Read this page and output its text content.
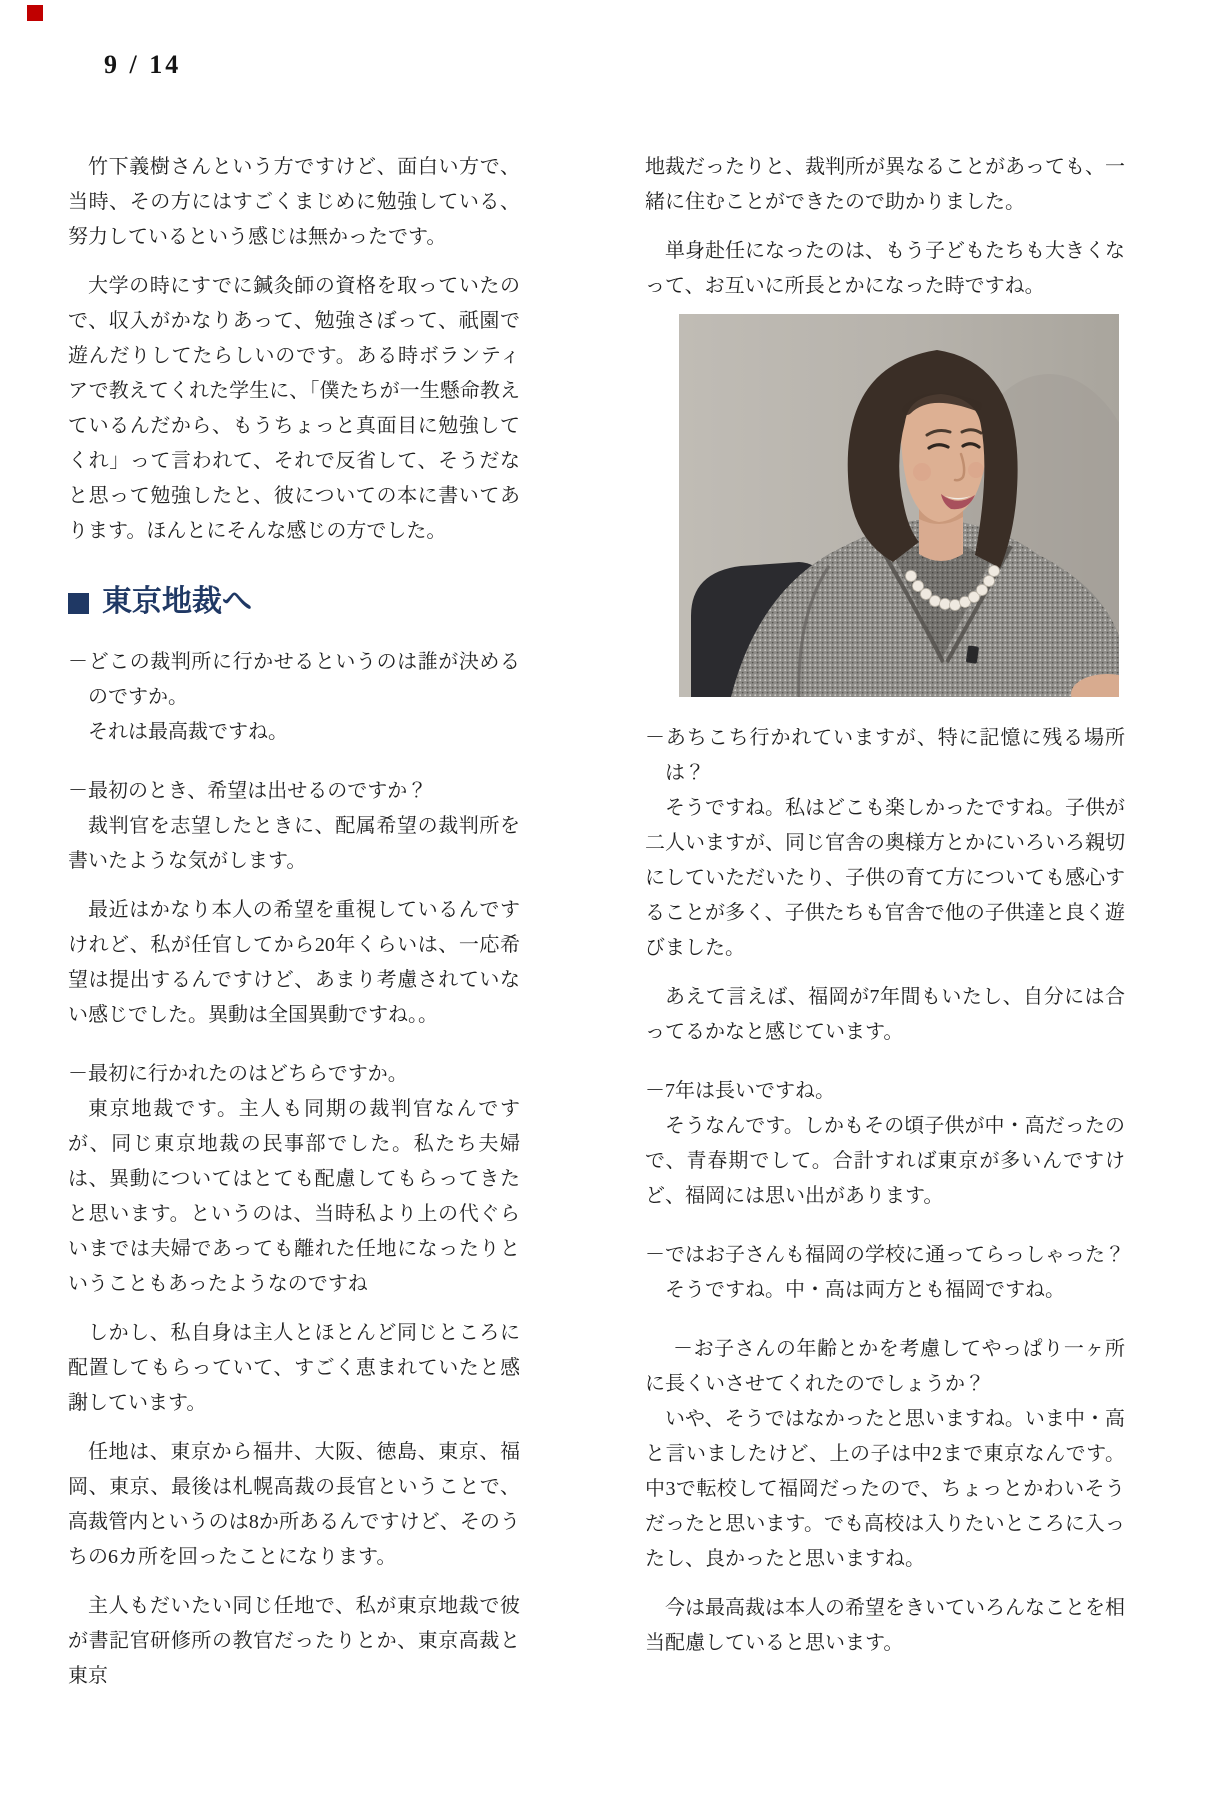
9 / 14

竹下義樹さんという方ですけど、面白い方で、当時、その方にはすごくまじめに勉強している、努力しているという感じは無かったです。

大学の時にすでに鍼灸師の資格を取っていたので、収入がかなりあって、勉強さぼって、祇園で遊んだりしてたらしいのです。ある時ボランティアで教えてくれた学生に、「僕たちが一生懸命教えているんだから、もうちょっと真面目に勉強してくれ」って言われて、それで反省して、そうだなと思って勉強したと、彼についての本に書いてあります。ほんとにそんな感じの方でした。

東京地裁へ

－どこの裁判所に行かせるというのは誰が決めるのですか。

それは最高裁ですね。

－最初のとき、希望は出せるのですか？

裁判官を志望したときに、配属希望の裁判所を書いたような気がします。

最近はかなり本人の希望を重視しているんですけれど、私が任官してから20年くらいは、一応希望は提出するんですけど、あまり考慮されていない感じでした。異動は全国異動ですね。。

－最初に行かれたのはどちらですか。

東京地裁です。主人も同期の裁判官なんですが、同じ東京地裁の民事部でした。私たち夫婦は、異動についてはとても配慮してもらってきたと思います。というのは、当時私より上の代ぐらいまでは夫婦であっても離れた任地になったりということもあったようなのですね

しかし、私自身は主人とほとんど同じところに配置してもらっていて、すごく恵まれていたと感謝しています。

任地は、東京から福井、大阪、徳島、東京、福岡、東京、最後は札幌高裁の長官ということで、高裁管内というのは8か所あるんですけど、そのうちの6カ所を回ったことになります。

主人もだいたい同じ任地で、私が東京地裁で彼が書記官研修所の教官だったりとか、東京高裁と東京

地裁だったりと、裁判所が異なることがあっても、一緒に住むことができたので助かりました。

単身赴任になったのは、もう子どもたちも大きくなって、お互いに所長とかになった時ですね。

－あちこち行かれていますが、特に記憶に残る場所は？

そうですね。私はどこも楽しかったですね。子供が二人いますが、同じ官舎の奥様方とかにいろいろ親切にしていただいたり、子供の育て方についても感心することが多く、子供たちも官舎で他の子供達と良く遊びました。

あえて言えば、福岡が7年間もいたし、自分には合ってるかなと感じています。

－7年は長いですね。

そうなんです。しかもその頃子供が中・高だったので、青春期でして。合計すれば東京が多いんですけど、福岡には思い出があります。

－ではお子さんも福岡の学校に通ってらっしゃった？

そうですね。中・高は両方とも福岡ですね。

－お子さんの年齢とかを考慮してやっぱり一ヶ所に長くいさせてくれたのでしょうか？

いや、そうではなかったと思いますね。いま中・高と言いましたけど、上の子は中2まで東京なんです。中3で転校して福岡だったので、ちょっとかわいそうだったと思います。でも高校は入りたいところに入ったし、良かったと思いますね。

今は最高裁は本人の希望をきいていろんなことを相当配慮していると思います。
